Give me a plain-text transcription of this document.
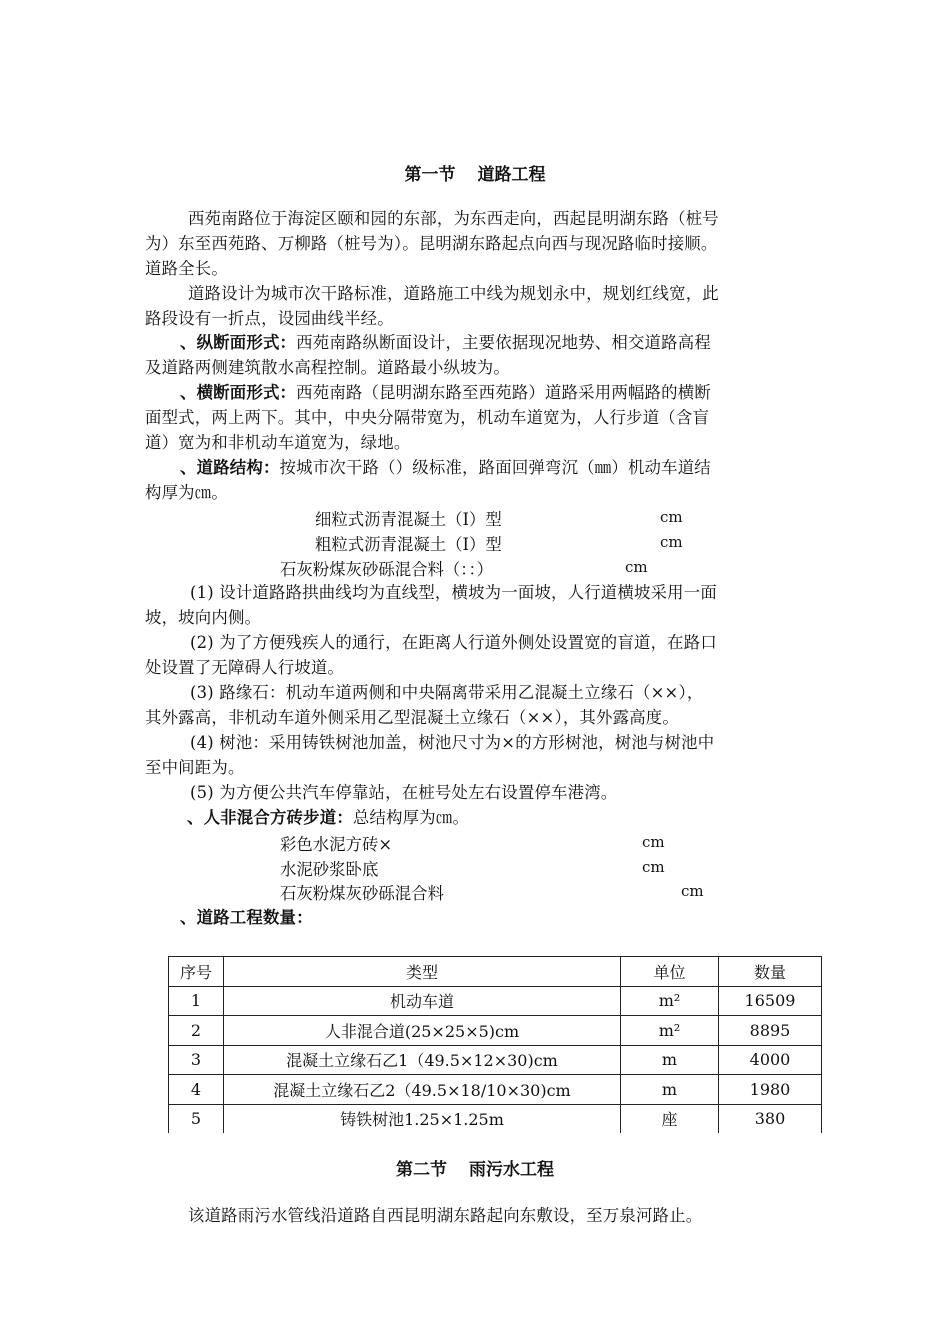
第一节 道路工程
西苑南路位于海淀区颐和园的东部，为东西走向，西起昆明湖东路（桩号
为）东至西苑路、万柳路（桩号为）。昆明湖东路起点向西与现况路临时接顺。
道路全长。
道路设计为城市次干路标准，道路施工中线为规划永中，规划红线宽，此
路段设有一折点，设园曲线半经。
、纵断面形式：西苑南路纵断面设计，主要依据现况地势、相交道路高程
及道路两侧建筑散水高程控制。道路最小纵坡为。
、横断面形式：西苑南路（昆明湖东路至西苑路）道路采用两幅路的横断
面型式，两上两下。其中，中央分隔带宽为，机动车道宽为，人行步道（含盲
道）宽为和非机动车道宽为，绿地。
、道路结构：按城市次干路（）级标准，路面回弹弯沉（㎜）机动车道结
构厚为㎝。
细粒式沥青混凝土（Ⅰ）型	cm
粗粒式沥青混凝土（Ⅰ）型	cm
石灰粉煤灰砂砾混合料（：：）	cm
(1) 设计道路路拱曲线均为直线型，横坡为一面坡，人行道横坡采用一面
坡，坡向内侧。
(2) 为了方便残疾人的通行，在距离人行道外侧处设置宽的盲道，在路口
处设置了无障碍人行坡道。
(3) 路缘石：机动车道两侧和中央隔离带采用乙混凝土立缘石（××），
其外露高，非机动车道外侧采用乙型混凝土立缘石（××），其外露高度。
(4) 树池：采用铸铁树池加盖，树池尺寸为×的方形树池，树池与树池中
至中间距为。
(5) 为方便公共汽车停靠站，在桩号处左右设置停车港湾。
、人非混合方砖步道：总结构厚为㎝。
彩色水泥方砖×	cm
水泥砂浆卧底	cm
石灰粉煤灰砂砾混合料	cm
、道路工程数量：
序号	类型	单位	数量
1	机动车道	m²	16509
2	人非混合道(25×25×5)cm	m²	8895
3	混凝土立缘石乙1（49.5×12×30)cm	m	4000
4	混凝土立缘石乙2（49.5×18/10×30)cm	m	1980
5	铸铁树池1.25×1.25m	座	380
第二节 雨污水工程
该道路雨污水管线沿道路自西昆明湖东路起向东敷设，至万泉河路止。
